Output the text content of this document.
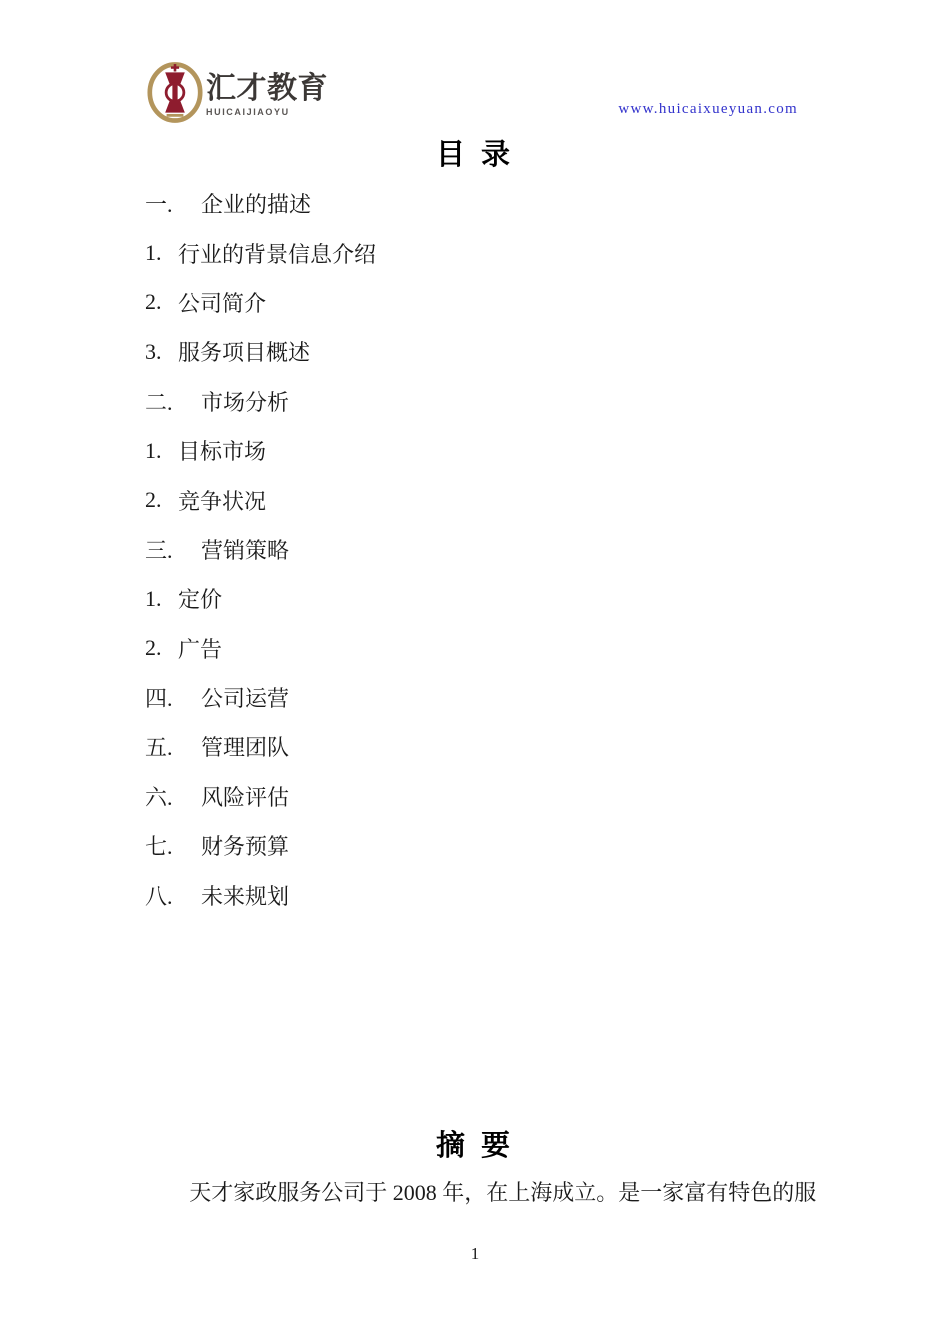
汇才教育
HUICAIJIAOYU	www.huicaixueyuan.com
目 录
一.	企业的描述
1. 行业的背景信息介绍
2. 公司简介
3. 服务项目概述
二.	市场分析
1. 目标市场
2. 竞争状况
三.	营销策略
1. 定价
2. 广告
四.	公司运营
五.	管理团队
六.	风险评估
七.	财务预算
八.	未来规划
摘 要
天才家政服务公司于 2008 年，在上海成立。是一家富有特色的服
1
